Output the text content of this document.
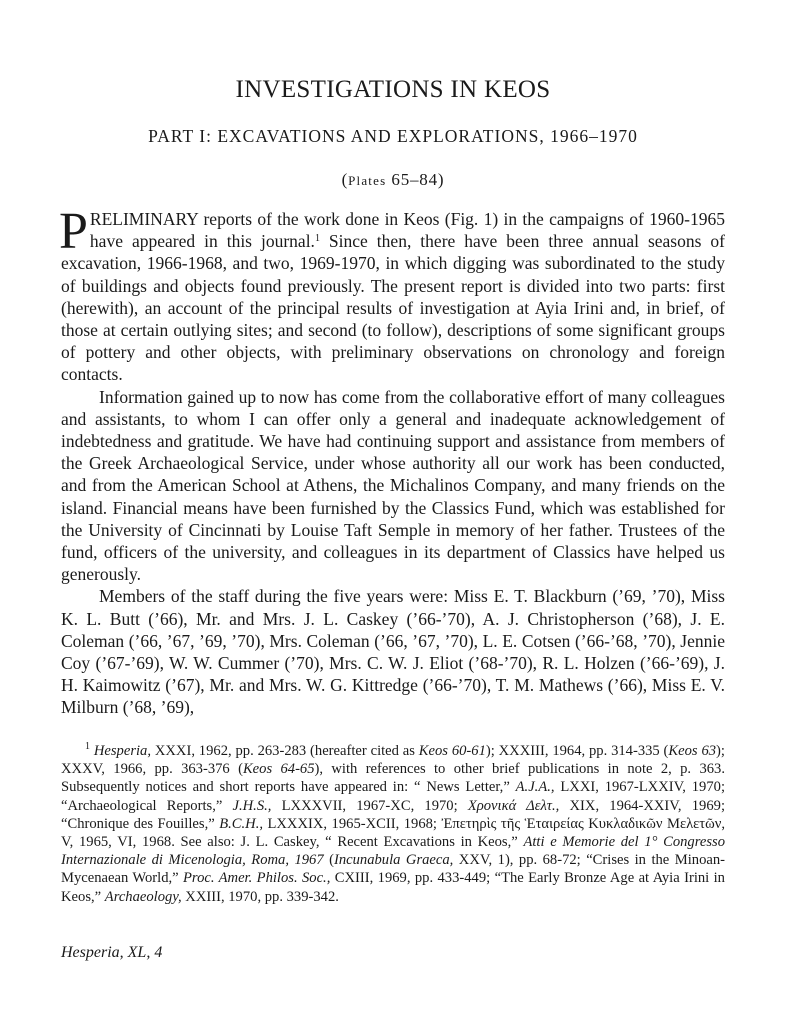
INVESTIGATIONS IN KEOS
PART I: EXCAVATIONS AND EXPLORATIONS, 1966–1970
(Plates 65–84)

PRELIMINARY reports of the work done in Keos (Fig. 1) in the campaigns of 1960-1965 have appeared in this journal.$^1$ Since then, there have been three annual seasons of excavation, 1966-1968, and two, 1969-1970, in which digging was subordinated to the study of buildings and objects found previously. The present report is divided into two parts: first (herewith), an account of the principal results of investigation at Ayia Irini and, in brief, of those at certain outlying sites; and second (to follow), descriptions of some significant groups of pottery and other objects, with preliminary observations on chronology and foreign contacts.

Information gained up to now has come from the collaborative effort of many colleagues and assistants, to whom I can offer only a general and inadequate acknowledgement of indebtedness and gratitude. We have had continuing support and assistance from members of the Greek Archaeological Service, under whose authority all our work has been conducted, and from the American School at Athens, the Michalinos Company, and many friends on the island. Financial means have been furnished by the Classics Fund, which was established for the University of Cincinnati by Louise Taft Semple in memory of her father. Trustees of the fund, officers of the university, and colleagues in its department of Classics have helped us generously.

Members of the staff during the five years were: Miss E. T. Blackburn (’69, ’70), Miss K. L. Butt (’66), Mr. and Mrs. J. L. Caskey (’66-’70), A. J. Christopherson (’68), J. E. Coleman (’66, ’67, ’69, ’70), Mrs. Coleman (’66, ’67, ’70), L. E. Cotsen (’66-’68, ’70), Jennie Coy (’67-’69), W. W. Cummer (’70), Mrs. C. W. J. Eliot (’68-’70), R. L. Holzen (’66-’69), J. H. Kaimowitz (’67), Mr. and Mrs. W. G. Kittredge (’66-’70), T. M. Mathews (’66), Miss E. V. Milburn (’68, ’69),

$^1$ Hesperia, XXXI, 1962, pp. 263-283 (hereafter cited as Keos 60-61); XXXIII, 1964, pp. 314-335 (Keos 63); XXXV, 1966, pp. 363-376 (Keos 64-65), with references to other brief publications in note 2, p. 363. Subsequently notices and short reports have appeared in: “ News Letter,” A.J.A., LXXI, 1967-LXXIV, 1970; “Archaeological Reports,” J.H.S., LXXXVII, 1967-XC, 1970; Χρονικά Δελτ., XIX, 1964-XXIV, 1969; “Chronique des Fouilles,” B.C.H., LXXXIX, 1965-XCII, 1968; Ἐπετηρὶς τῆς Ἑταιρείας Κυκλαδικῶν Μελετῶν, V, 1965, VI, 1968. See also: J. L. Caskey, “ Recent Excavations in Keos,” Atti e Memorie del 1° Congresso Internazionale di Micenologia, Roma, 1967 (Incunabula Graeca, XXV, 1), pp. 68-72; “Crises in the Minoan-Mycenaean World,” Proc. Amer. Philos. Soc., CXIII, 1969, pp. 433-449; “The Early Bronze Age at Ayia Irini in Keos,” Archaeology, XXIII, 1970, pp. 339-342.

Hesperia, XL, 4
